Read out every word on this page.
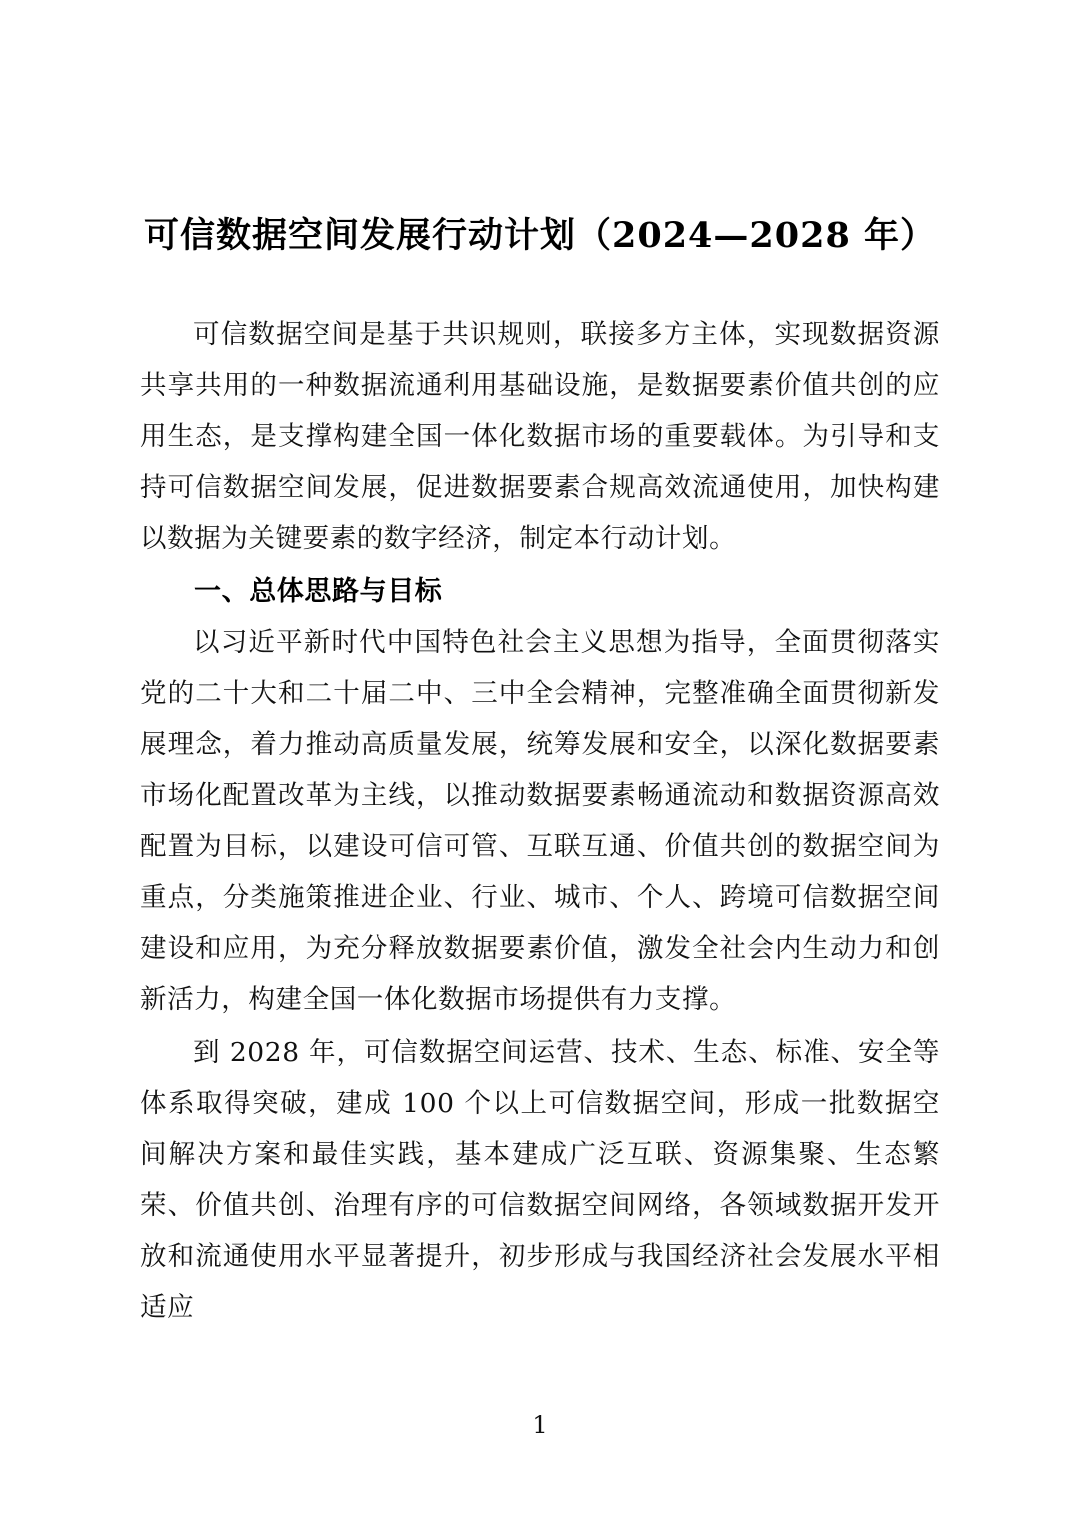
可信数据空间发展行动计划（2024—2028 年）

可信数据空间是基于共识规则，联接多方主体，实现数据资源共享共用的一种数据流通利用基础设施，是数据要素价值共创的应用生态，是支撑构建全国一体化数据市场的重要载体。为引导和支持可信数据空间发展，促进数据要素合规高效流通使用，加快构建以数据为关键要素的数字经济，制定本行动计划。

一、总体思路与目标

以习近平新时代中国特色社会主义思想为指导，全面贯彻落实党的二十大和二十届二中、三中全会精神，完整准确全面贯彻新发展理念，着力推动高质量发展，统筹发展和安全，以深化数据要素市场化配置改革为主线，以推动数据要素畅通流动和数据资源高效配置为目标，以建设可信可管、互联互通、价值共创的数据空间为重点，分类施策推进企业、行业、城市、个人、跨境可信数据空间建设和应用，为充分释放数据要素价值，激发全社会内生动力和创新活力，构建全国一体化数据市场提供有力支撑。

到 2028 年，可信数据空间运营、技术、生态、标准、安全等体系取得突破，建成 100 个以上可信数据空间，形成一批数据空间解决方案和最佳实践，基本建成广泛互联、资源集聚、生态繁荣、价值共创、治理有序的可信数据空间网络，各领域数据开发开放和流通使用水平显著提升，初步形成与我国经济社会发展水平相适应

1
